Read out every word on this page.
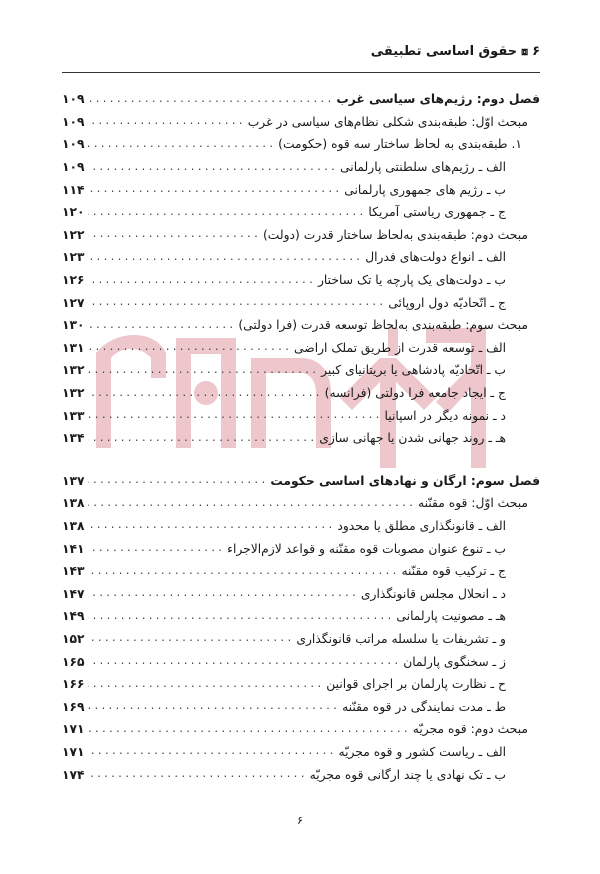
۶
⧈
حقوق اساسی تطبیقی
فصل دوم: رژیم‌های سیاسی غرب
.....
۱۰۹
مبحث اوّل: طبقه‌بندی شکلی نظام‌های سیاسی در غرب
.....
۱۰۹
۱. طبقه‌بندی به لحاظ ساختار سه قوه (حکومت)
.....
۱۰۹
الف ـ رژیم‌های سلطنتی پارلمانی
.....
۱۰۹
ب ـ رژیم های جمهوری پارلمانی
.....
۱۱۴
ج ـ جمهوری ریاستی آمریکا
.....
۱۲۰
مبحث دوم: طبقه‌بندی به‌لحاظ ساختار قدرت (دولت)
.....
۱۲۲
الف ـ انواع دولت‌های فدرال
.....
۱۲۳
ب ـ دولت‌های یک پارچه یا تک ساختار
.....
۱۲۶
ج ـ اتّحادیّه دول اروپائی
.....
۱۲۷
مبحث سوم: طبقه‌بندی به‌لحاظ توسعه قدرت (فرا دولتی)
.....
۱۳۰
الف ـ توسعه قدرت از طریق تملک اراضی
.....
۱۳۱
ب ـ اتّحادیّه پادشاهی یا بریتانیای کبیر
.....
۱۳۲
ج ـ ایجاد جامعه فرا دولتی (فرانسه)
.....
۱۳۲
د ـ نمونه دیگر در اسپانیا
.....
۱۳۳
هـ ـ روند جهانی شدن یا جهانی سازی
.....
۱۳۴
فصل سوم: ارگان و نهادهای اساسی حکومت
.....
۱۳۷
مبحث اوّل: قوه مقنّنه
.....
۱۳۸
الف ـ قانونگذاری مطلق یا محدود
.....
۱۳۸
ب ـ تنوع عنوان مصوبات قوه مقنّنه و قواعد لازم‌الاجراء
.....
۱۴۱
ج ـ ترکیب قوه مقنّنه
.....
۱۴۳
د ـ انحلال مجلس قانونگذاری
.....
۱۴۷
هـ ـ مصونیت پارلمانی
.....
۱۴۹
و ـ تشریفات یا سلسله مراتب قانونگذاری
.....
۱۵۲
ز ـ سخنگوی پارلمان
.....
۱۶۵
ح ـ نظارت پارلمان بر اجرای قوانین
.....
۱۶۶
ط ـ مدت نمایندگی در قوه مقنّنه
.....
۱۶۹
مبحث دوم: قوه مجریّه
.....
۱۷۱
الف ـ ریاست کشور و قوه مجریّه
.....
۱۷۱
ب ـ تک نهادی یا چند ارگانی قوه مجریّه
.....
۱۷۴
۶
